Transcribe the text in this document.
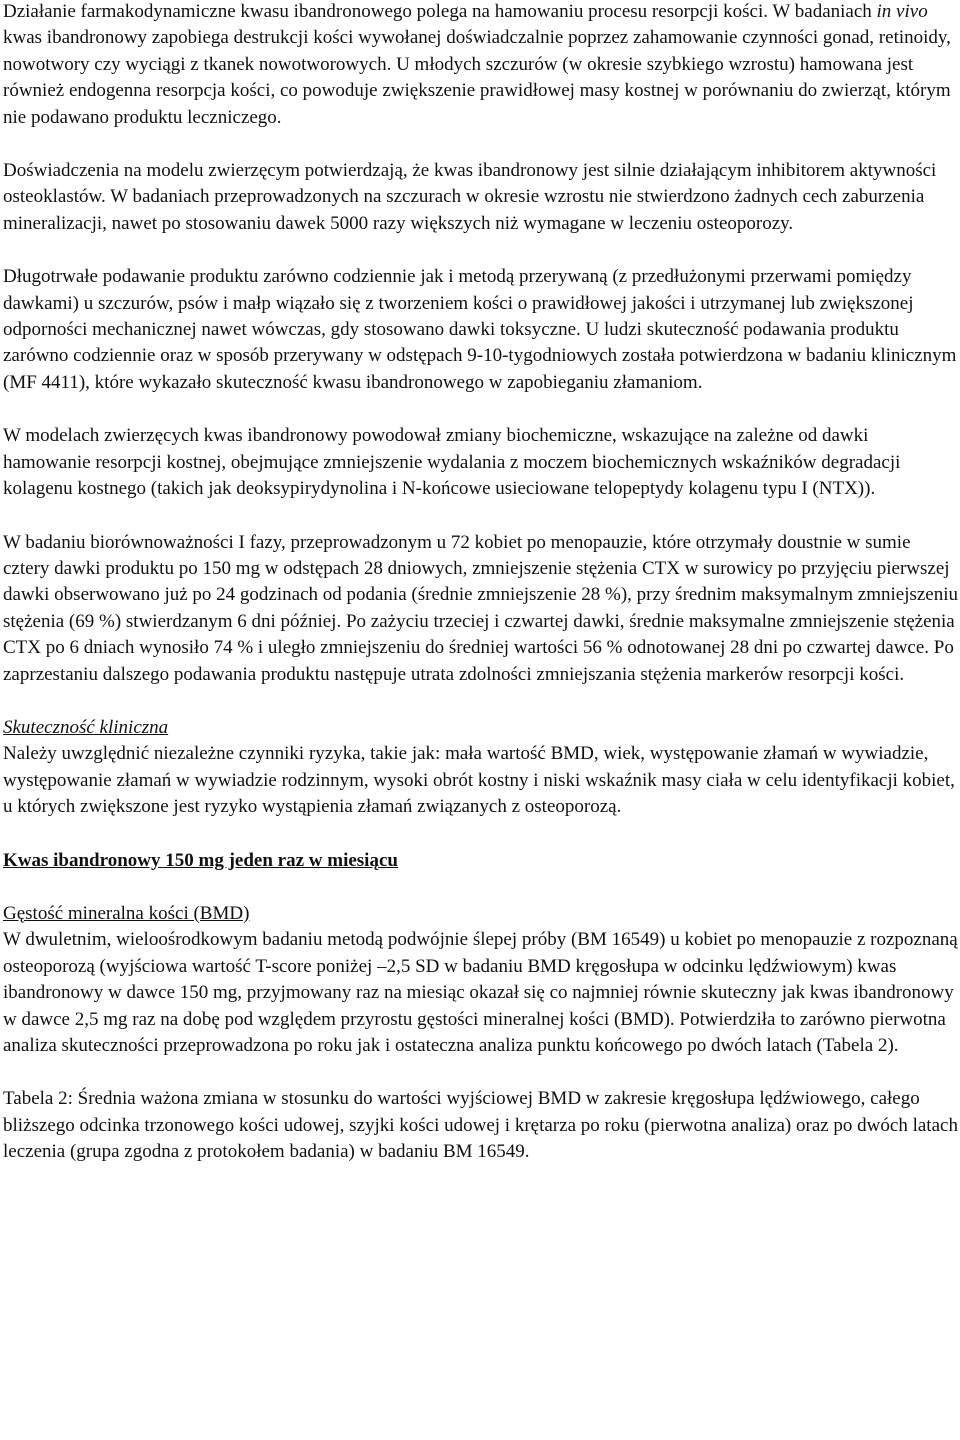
Działanie farmakodynamiczne kwasu ibandronowego polega na hamowaniu procesu resorpcji kości. W badaniach in vivo kwas ibandronowy zapobiega destrukcji kości wywołanej doświadczalnie poprzez zahamowanie czynności gonad, retinoidy, nowotwory czy wyciągi z tkanek nowotworowych. U młodych szczurów (w okresie szybkiego wzrostu) hamowana jest również endogenna resorpcja kości, co powoduje zwiększenie prawidłowej masy kostnej w porównaniu do zwierząt, którym nie podawano produktu leczniczego.

Doświadczenia na modelu zwierzęcym potwierdzają, że kwas ibandronowy jest silnie działającym inhibitorem aktywności osteoklastów. W badaniach przeprowadzonych na szczurach w okresie wzrostu nie stwierdzono żadnych cech zaburzenia mineralizacji, nawet po stosowaniu dawek 5000 razy większych niż wymagane w leczeniu osteoporozy.

Długotrwałe podawanie produktu zarówno codziennie jak i metodą przerywaną (z przedłużonymi przerwami pomiędzy dawkami) u szczurów, psów i małp wiązało się z tworzeniem kości o prawidłowej jakości i utrzymanej lub zwiększonej odporności mechanicznej nawet wówczas, gdy stosowano dawki toksyczne. U ludzi skuteczność podawania produktu zarówno codziennie oraz w sposób przerywany w odstępach 9-10-tygodniowych została potwierdzona w badaniu klinicznym (MF 4411), które wykazało skuteczność kwasu ibandronowego w zapobieganiu złamaniom.

W modelach zwierzęcych kwas ibandronowy powodował zmiany biochemiczne, wskazujące na zależne od dawki hamowanie resorpcji kostnej, obejmujące zmniejszenie wydalania z moczem biochemicznych wskaźników degradacji kolagenu kostnego (takich jak deoksypirydynolina i N-końcowe usieciowane telopeptydy kolagenu typu I (NTX)).

W badaniu biorównoważności I fazy, przeprowadzonym u 72 kobiet po menopauzie, które otrzymały doustnie w sumie cztery dawki produktu po 150 mg w odstępach 28 dniowych, zmniejszenie stężenia CTX w surowicy po przyjęciu pierwszej dawki obserwowano już po 24 godzinach od podania (średnie zmniejszenie 28 %), przy średnim maksymalnym zmniejszeniu stężenia (69 %) stwierdzanym 6 dni później. Po zażyciu trzeciej i czwartej dawki, średnie maksymalne zmniejszenie stężenia CTX po 6 dniach wynosiło 74 % i uległo zmniejszeniu do średniej wartości 56 % odnotowanej 28 dni po czwartej dawce. Po zaprzestaniu dalszego podawania produktu następuje utrata zdolności zmniejszania stężenia markerów resorpcji kości.

Skuteczność kliniczna

Należy uwzględnić niezależne czynniki ryzyka, takie jak: mała wartość BMD, wiek, występowanie złamań w wywiadzie, występowanie złamań w wywiadzie rodzinnym, wysoki obrót kostny i niski wskaźnik masy ciała w celu identyfikacji kobiet, u których zwiększone jest ryzyko wystąpienia złamań związanych z osteoporozą.

Kwas ibandronowy 150 mg jeden raz w miesiącu

Gęstość mineralna kości (BMD)

W dwuletnim, wieloośrodkowym badaniu metodą podwójnie ślepej próby (BM 16549) u kobiet po menopauzie z rozpoznaną osteoporozą (wyjściowa wartość T-score poniżej –2,5 SD w badaniu BMD kręgosłupa w odcinku lędźwiowym) kwas ibandronowy w dawce 150 mg, przyjmowany raz na miesiąc okazał się co najmniej równie skuteczny jak kwas ibandronowy w dawce 2,5 mg raz na dobę pod względem przyrostu gęstości mineralnej kości (BMD). Potwierdziła to zarówno pierwotna analiza skuteczności przeprowadzona po roku jak i ostateczna analiza punktu końcowego po dwóch latach (Tabela 2).

Tabela 2: Średnia ważona zmiana w stosunku do wartości wyjściowej BMD w zakresie kręgosłupa lędźwiowego, całego bliższego odcinka trzonowego kości udowej, szyjki kości udowej i krętarza po roku (pierwotna analiza) oraz po dwóch latach leczenia (grupa zgodna z protokołem badania) w badaniu BM 16549.
